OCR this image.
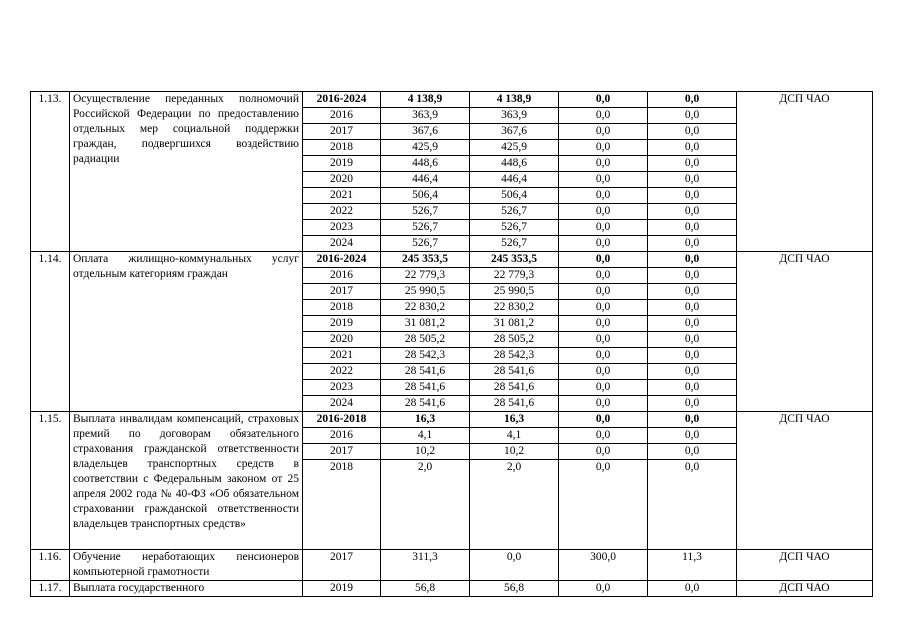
1.13.	Осуществление переданных полномочий Российской Федерации по предоставлению отдельных мер социальной поддержки граждан, подвергшихся воздействию радиации	2016-2024	4 138,9	4 138,9	0,0	0,0	ДСП ЧАО
		2016	363,9	363,9	0,0	0,0	
		2017	367,6	367,6	0,0	0,0	
		2018	425,9	425,9	0,0	0,0	
		2019	448,6	448,6	0,0	0,0	
		2020	446,4	446,4	0,0	0,0	
		2021	506,4	506,4	0,0	0,0	
		2022	526,7	526,7	0,0	0,0	
		2023	526,7	526,7	0,0	0,0	
		2024	526,7	526,7	0,0	0,0	
1.14.	Оплата жилищно-коммунальных услуг отдельным категориям граждан	2016-2024	245 353,5	245 353,5	0,0	0,0	ДСП ЧАО
		2016	22 779,3	22 779,3	0,0	0,0	
		2017	25 990,5	25 990,5	0,0	0,0	
		2018	22 830,2	22 830,2	0,0	0,0	
		2019	31 081,2	31 081,2	0,0	0,0	
		2020	28 505,2	28 505,2	0,0	0,0	
		2021	28 542,3	28 542,3	0,0	0,0	
		2022	28 541,6	28 541,6	0,0	0,0	
		2023	28 541,6	28 541,6	0,0	0,0	
		2024	28 541,6	28 541,6	0,0	0,0	
1.15.	Выплата инвалидам компенсаций, страховых премий по договорам обязательного страхования гражданской ответственности владельцев транспортных средств в соответствии с Федеральным законом от 25 апреля 2002 года № 40-ФЗ «Об обязательном страховании гражданской ответственности владельцев транспортных средств»	2016-2018	16,3	16,3	0,0	0,0	ДСП ЧАО
		2016	4,1	4,1	0,0	0,0	
		2017	10,2	10,2	0,0	0,0	
		2018	2,0	2,0	0,0	0,0	
1.16.	Обучение неработающих пенсионеров компьютерной грамотности	2017	311,3	0,0	300,0	11,3	ДСП ЧАО
1.17.	Выплата государственного	2019	56,8	56,8	0,0	0,0	ДСП ЧАО
